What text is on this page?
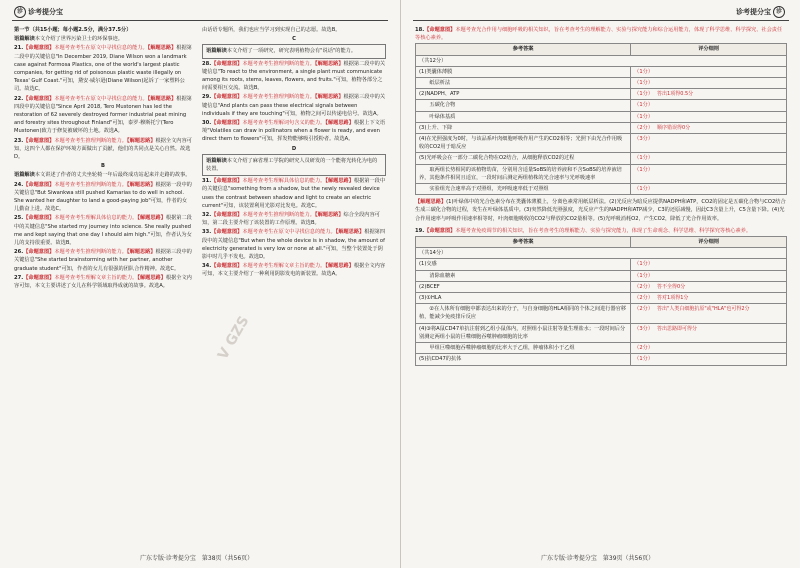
诊 诊考提分宝

第一节（共15小题；每小题2.5分，满分37.5分）

语篇解读本文介绍了世界污染卫士的环保事迹。

21.【命题意图】本题考查考生在原文中寻找信息的能力。【解题思路】根据第二段中的关键信息"In December 2019, Diane Wilson won a landmark case against Formosa Plastics, one of the world's largest plastic companies, for getting rid of poisonous plastic waste illegally on Texas' Gulf Coast."可知，黛安·威尔逊(Diane Wilson)起诉了一家塑料公司。故选C。

22.【命题意图】本题考查考生在原文中寻找信息的能力。【解题思路】根据第四段中的关键信息"Since April 2018, Tero Mustonen has led the restoration of 62 severely destroyed former industrial peat mining and forestry sites throughout Finland"可知，泰罗·穆斯托宁(Tero Mustonen)致力于修复被破坏的土地。故选A。

23.【命题意图】本题考查考生推理判断的能力。【解题思路】根据全文内容可知，这四个人都在保护环境方面做出了贡献，他们的共同点是关心自然。故选D。

B

语篇解读本文讲述了作者的丈夫坐轮椅一年后最终成功站起来并走路的故事。

24.【命题意图】本题考查考生推理判断的能力。【解题思路】根据第一段中的关键信息"But Siwankwa still pushed Kamarias to do well in school. She wanted her daughter to land a good-paying job"可知，作者的女儿勤奋上进。故选C。

25.【命题意图】本题考查考生理解具体信息的能力。【解题思路】根据第二段中的关键信息"She started my journey into science. She really pushed me and kept saying that one day I should aim high."可知，作者认为女儿的支持很重要。故选B。

26.【命题意图】本题考查考生推理判断的能力。【解题思路】根据第三段中的关键信息"She started brainstorming with her partner, another graduate student"可知，作者的女儿有很强的团队合作精神。故选C。

27.【命题意图】本题考查考生理解文章主旨的能力。【解题思路】根据全文内容可知，本文主要讲述了女儿在科学领域取得成就的故事。故选A。

由话语专题所，我们也应当学习到实现自己的志愿。故选B。

C

语篇解读本文介绍了一项研究，研究表明植物会有"说话"的能力。

28.【命题意图】本题考查考生推理判断的能力。【解题思路】根据第二段中的关键信息"To react to the environment, a single plant must communicate among its roots, stems, leaves, flowers, and fruits."可知，植物各部分之间需要相互交流。故选B。

29.【命题意图】本题考查考生推理判断的能力。【解题思路】根据第三段中的关键信息"And plants can pass these electrical signals between individuals if they are touching"可知，植物之间可以传递电信号。故选A。

30.【命题意图】本题考查考生理解词句含义的能力。【解题思路】根据上下文语境"Volatiles can draw in pollinators when a flower is ready, and even direct them to flowers"可知，挥发物能够吸引授粉者。故选A。

D

语篇解读本文介绍了麻省理工学院的研究人员研发的一个能将光转化为电的装置。

31.【命题意图】本题考查考生理解具体信息的能力。【解题思路】根据第一段中的关键信息"something from a shadow, but the newly revealed device uses the contrast between shadow and light to create an electric current"可知，该装置利用光影对比发电。故选C。

32.【命题意图】本题考查考生推理判断的能力。【解题思路】综合全段内容可知，第二段主要介绍了该装置的工作原理。故选B。

33.【命题意图】本题考查考生在原文中寻找信息的能力。【解题思路】根据第四段中的关键信息"But when the whole device is in shadow, the amount of electricity generated is very low or none at all."可知，当整个装置处于阴影中时几乎不发电。故选D。

34.【命题意图】本题考查考生理解文章主旨的能力。【解题思路】根据全文内容可知，本文主要介绍了一种利用阴影发电的新装置。故选A。

V GZS
广东专版·诊考提分宝　第38页（共56页）
诊考提分宝 诊

18.【命题意图】本题考查光合作用与细胞呼吸的相关知识，旨在考查考生的理解能力、实验与探究能力和综合运用能力，体现了科学思维、科学探究、社会责任等核心素养。

参考答案	评分细则
（共12分）	
(1)类囊体薄膜	（1分）
　　纸层析法	（1分）
(2)NADPH、ATP	（1分） 答出1项得0.5分
　　五碳化合物	（1分）
　　叶绿体基质	（1分）
(3)上升、下降	（2分） 顺序错误得0分
(4)在光照强度为0时，与该品系叶肉细胞呼吸作用产生的CO2相等；光照下由光合作用吸收的CO2用于暗反应	（3分）
(5)光呼吸会在一部分二碳化合物在O2结合，从细胞释放CO2的过程	（1分）
　　取两组长势相同的该植物幼苗，分别用含适量SoBS的培养液和不含SoBS的培养液培养，其他条件相同且适宜，一段时间后测定两组植株的光合速率与光呼吸速率	（1分）
　　实验组光合速率高于对照组，光呼吸速率低于对照组	（1分）

【解题思路】(1)叶绿体中的光合色素分布在类囊体薄膜上，分离色素常用纸层析法。(2)光反应为暗反应提供NADPH和ATP，CO2的固定是五碳化合物与CO2结合生成三碳化合物的过程，发生在叶绿体基质中。(3)突然降低光照强度，光反应产生的NADPH和ATP减少，C3的还原减慢，因此C3含量上升，C5含量下降。(4)光合作用速率与呼吸作用速率相等时，叶肉细胞吸收的CO2与释放的CO2量相等。(5)光呼吸消耗O2，产生CO2，降低了光合作用效率。

19.【命题意图】本题考查免疫调节的相关知识，旨在考查考生的理解能力、实验与探究能力，体现了生命观念、科学思维、科学探究等核心素养。

参考答案	评分细则
（共14分）	
(1)交感	（1分）
　　清除血糖素	（1分）
(2)BCEF	（2分） 答不全得0分
(3)①HLA	（2分） 答对1项得1分
　　②在人体所有细胞中都表达出来的分子，与自身细胞的HLA相同的个体之间进行器官移植，能减少免疫排斥反应	（2分） 答出"人类白细胞抗原"或"HLA"也可得2分
(4)③将A鼠CD47单抗注射到乙组小鼠体内，对照组小鼠注射等量生理盐水；一段时间后分别测定两组小鼠的巨噬细胞吞噬肿瘤细胞的比率	（3分） 答出思路即可得分
　　甲组巨噬细胞吞噬肿瘤细胞的比率大于乙组，肿瘤体积小于乙组	（2分）
(5)抗CD47的抗体	（1分）
广东专版·诊考提分宝　第39页（共56页）
